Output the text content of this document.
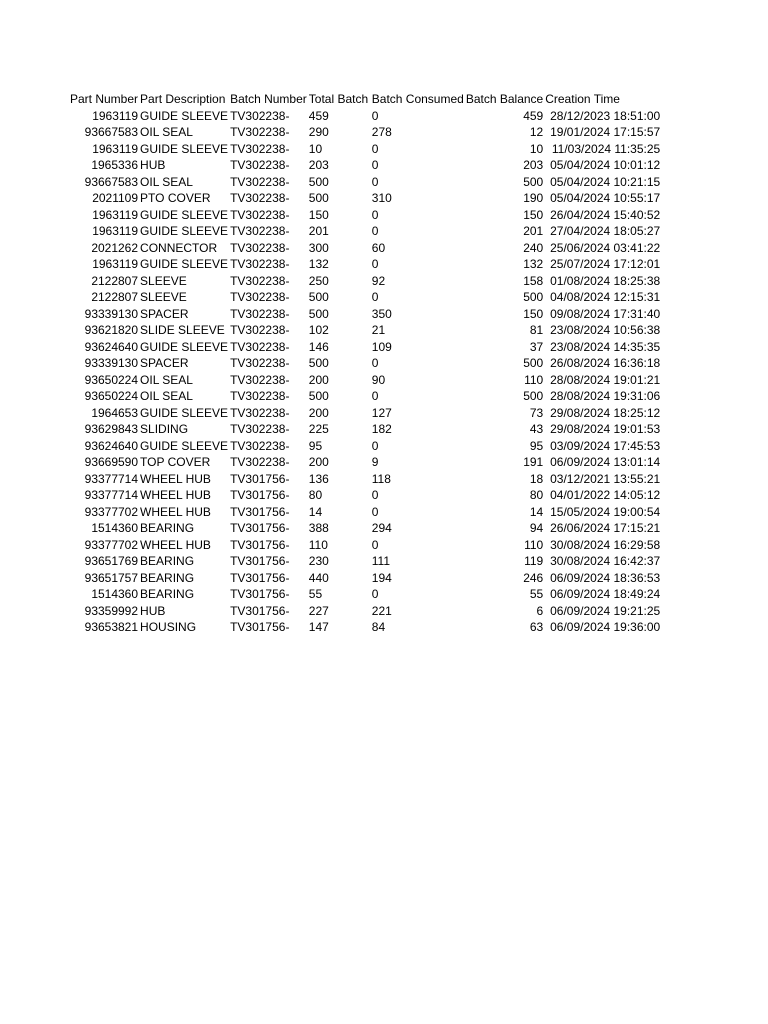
Part Number	Part Description	Batch Number	Total Batch	Batch Consumed	Batch Balance	Creation Time
1963119	GUIDE SLEEVE	TV302238-	459	0	459	28/12/2023 18:51:00
93667583	OIL SEAL	TV302238-	290	278	12	19/01/2024 17:15:57
1963119	GUIDE SLEEVE	TV302238-	10	0	10	11/03/2024 11:35:25
1965336	HUB	TV302238-	203	0	203	05/04/2024 10:01:12
93667583	OIL SEAL	TV302238-	500	0	500	05/04/2024 10:21:15
2021109	PTO COVER	TV302238-	500	310	190	05/04/2024 10:55:17
1963119	GUIDE SLEEVE	TV302238-	150	0	150	26/04/2024 15:40:52
1963119	GUIDE SLEEVE	TV302238-	201	0	201	27/04/2024 18:05:27
2021262	CONNECTOR	TV302238-	300	60	240	25/06/2024 03:41:22
1963119	GUIDE SLEEVE	TV302238-	132	0	132	25/07/2024 17:12:01
2122807	SLEEVE	TV302238-	250	92	158	01/08/2024 18:25:38
2122807	SLEEVE	TV302238-	500	0	500	04/08/2024 12:15:31
93339130	SPACER	TV302238-	500	350	150	09/08/2024 17:31:40
93621820	SLIDE SLEEVE	TV302238-	102	21	81	23/08/2024 10:56:38
93624640	GUIDE SLEEVE	TV302238-	146	109	37	23/08/2024 14:35:35
93339130	SPACER	TV302238-	500	0	500	26/08/2024 16:36:18
93650224	OIL SEAL	TV302238-	200	90	110	28/08/2024 19:01:21
93650224	OIL SEAL	TV302238-	500	0	500	28/08/2024 19:31:06
1964653	GUIDE SLEEVE	TV302238-	200	127	73	29/08/2024 18:25:12
93629843	SLIDING	TV302238-	225	182	43	29/08/2024 19:01:53
93624640	GUIDE SLEEVE	TV302238-	95	0	95	03/09/2024 17:45:53
93669590	TOP COVER	TV302238-	200	9	191	06/09/2024 13:01:14
93377714	WHEEL HUB	TV301756-	136	118	18	03/12/2021 13:55:21
93377714	WHEEL HUB	TV301756-	80	0	80	04/01/2022 14:05:12
93377702	WHEEL HUB	TV301756-	14	0	14	15/05/2024 19:00:54
1514360	BEARING	TV301756-	388	294	94	26/06/2024 17:15:21
93377702	WHEEL HUB	TV301756-	110	0	110	30/08/2024 16:29:58
93651769	BEARING	TV301756-	230	111	119	30/08/2024 16:42:37
93651757	BEARING	TV301756-	440	194	246	06/09/2024 18:36:53
1514360	BEARING	TV301756-	55	0	55	06/09/2024 18:49:24
93359992	HUB	TV301756-	227	221	6	06/09/2024 19:21:25
93653821	HOUSING	TV301756-	147	84	63	06/09/2024 19:36:00
